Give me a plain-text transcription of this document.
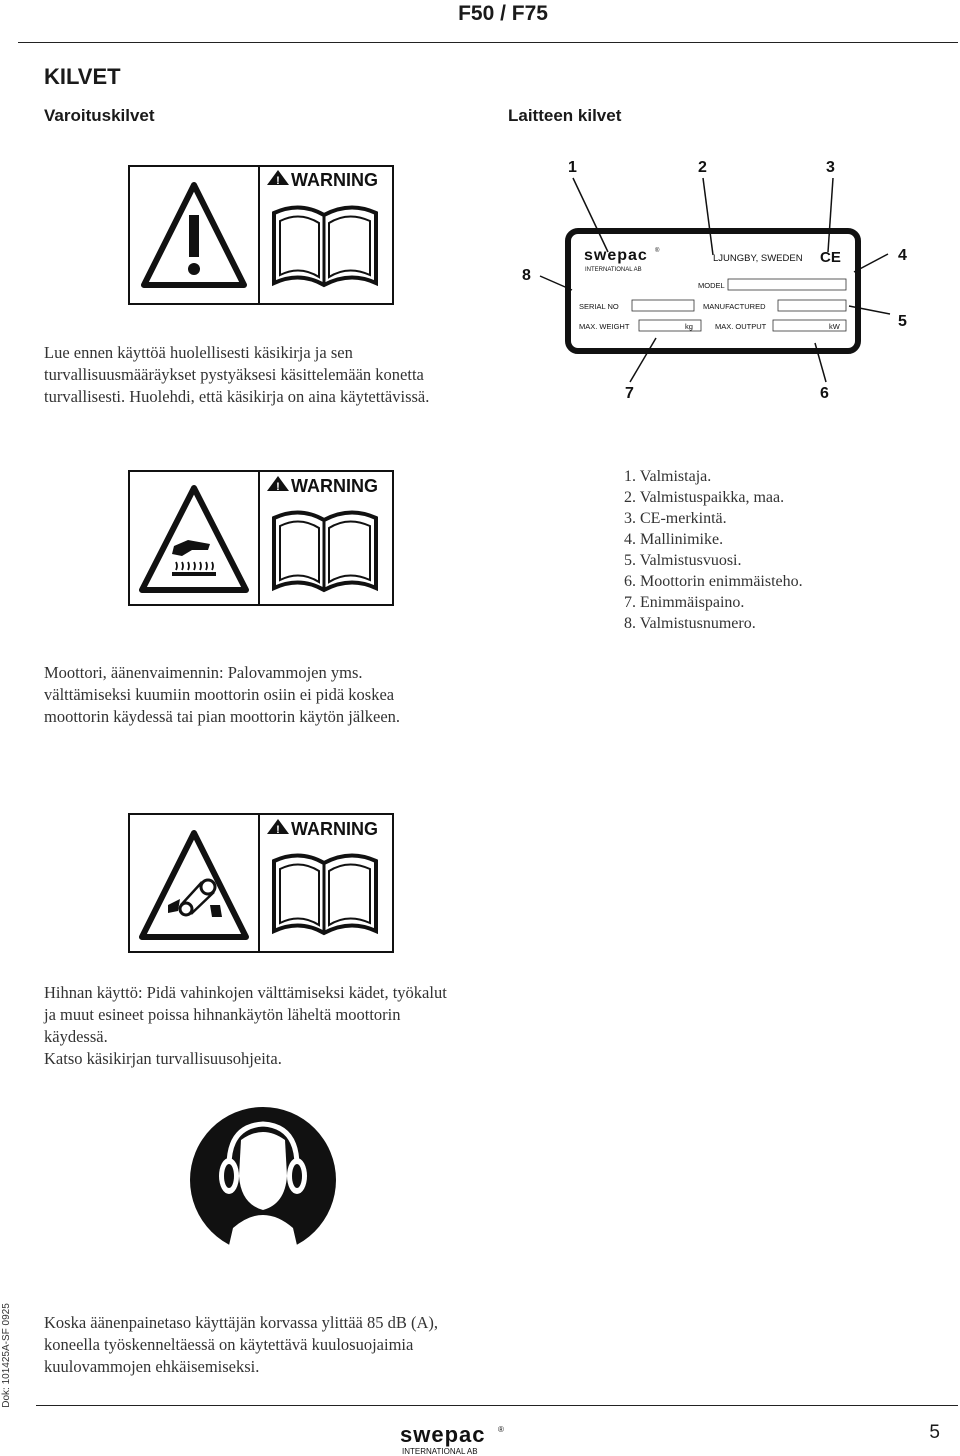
F50 / F75
KILVET
Varoituskilvet	Laitteen kilvet
! WARNING
Lue ennen käyttöä huolellisesti käsikirja ja sen
turvallisuusmääräykset pystyäksesi käsittelemään konetta
turvallisesti. Huolehdi, että käsikirja on aina käytettävissä.
1	2	3
4
5
6
7
8
swepac ®
INTERNATIONAL AB
LJUNGBY, SWEDEN CE
MODEL
SERIAL NO	MANUFACTURED
MAX. WEIGHT	kg	MAX. OUTPUT	kW
1. Valmistaja.
2. Valmistuspaikka, maa.
3. CE-merkintä.
4. Mallinimike.
5. Valmistusvuosi.
6. Moottorin enimmäisteho.
7. Enimmäispaino.
8. Valmistusnumero.
! WARNING
Moottori, äänenvaimennin: Palovammojen yms.
välttämiseksi kuumiin moottorin osiin ei pidä koskea
moottorin käydessä tai pian moottorin käytön jälkeen.
! WARNING
Hihnan käyttö: Pidä vahinkojen välttämiseksi kädet, työkalut
ja muut esineet poissa hihnankäytön läheltä moottorin
käydessä.
Katso käsikirjan turvallisuusohjeita.
Koska äänenpainetaso käyttäjän korvassa ylittää 85 dB (A),
koneella työskenneltäessä on käytettävä kuulosuojaimia
kuulovammojen ehkäisemiseksi.
Dok: 101425A-SF 0925
swepac ®
INTERNATIONAL AB
5
